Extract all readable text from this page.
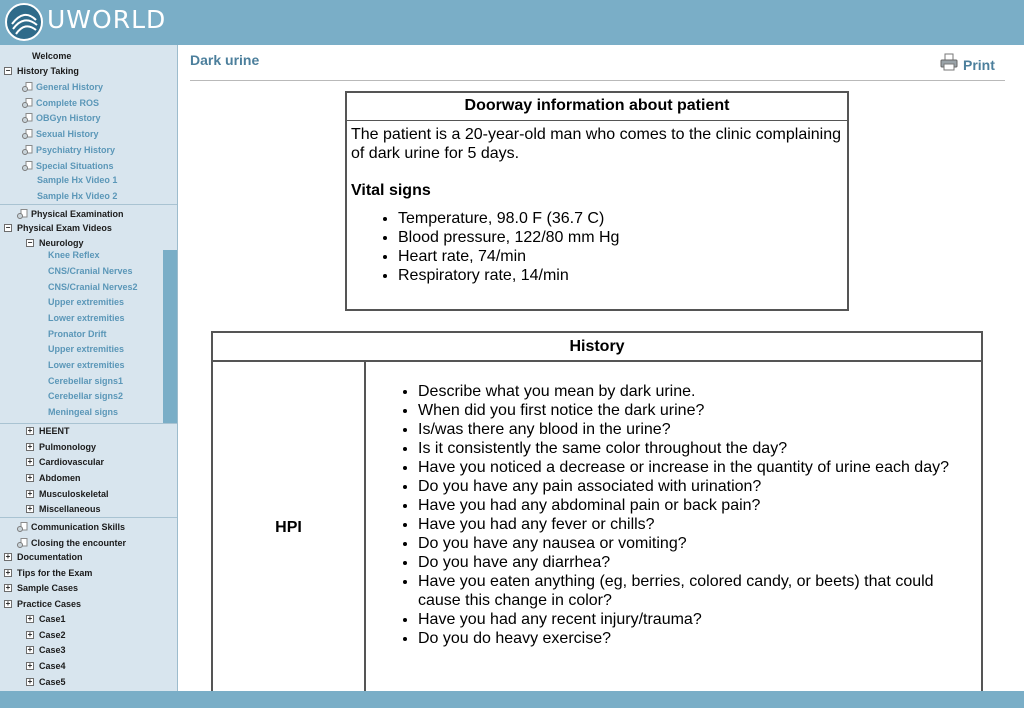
UWORLD
Welcome
− History Taking
General History
Complete ROS
OBGyn History
Sexual History
Psychiatry History
Special Situations
Sample Hx Video 1
Sample Hx Video 2
Physical Examination
− Physical Exam Videos
− Neurology
Knee Reflex
CNS/Cranial Nerves
CNS/Cranial Nerves2
Upper extremities
Lower extremities
Pronator Drift
Upper extremities
Lower extremities
Cerebellar signs1
Cerebellar signs2
Meningeal signs
+ HEENT
+ Pulmonology
+ Cardiovascular
+ Abdomen
+ Musculoskeletal
+ Miscellaneous
Communication Skills
Closing the encounter
+ Documentation
+ Tips for the Exam
+ Sample Cases
+ Practice Cases
+ Case1
+ Case2
+ Case3
+ Case4
+ Case5
Dark urine	Print
Doorway information about patient
The patient is a 20-year-old man who comes to the clinic complaining of dark urine for 5 days.
Vital signs
• Temperature, 98.0 F (36.7 C)
• Blood pressure, 122/80 mm Hg
• Heart rate, 74/min
• Respiratory rate, 14/min
History
HPI
• Describe what you mean by dark urine.
• When did you first notice the dark urine?
• Is/was there any blood in the urine?
• Is it consistently the same color throughout the day?
• Have you noticed a decrease or increase in the quantity of urine each day?
• Do you have any pain associated with urination?
• Have you had any abdominal pain or back pain?
• Have you had any fever or chills?
• Do you have any nausea or vomiting?
• Do you have any diarrhea?
• Have you eaten anything (eg, berries, colored candy, or beets) that could cause this change in color?
• Have you had any recent injury/trauma?
• Do you do heavy exercise?
